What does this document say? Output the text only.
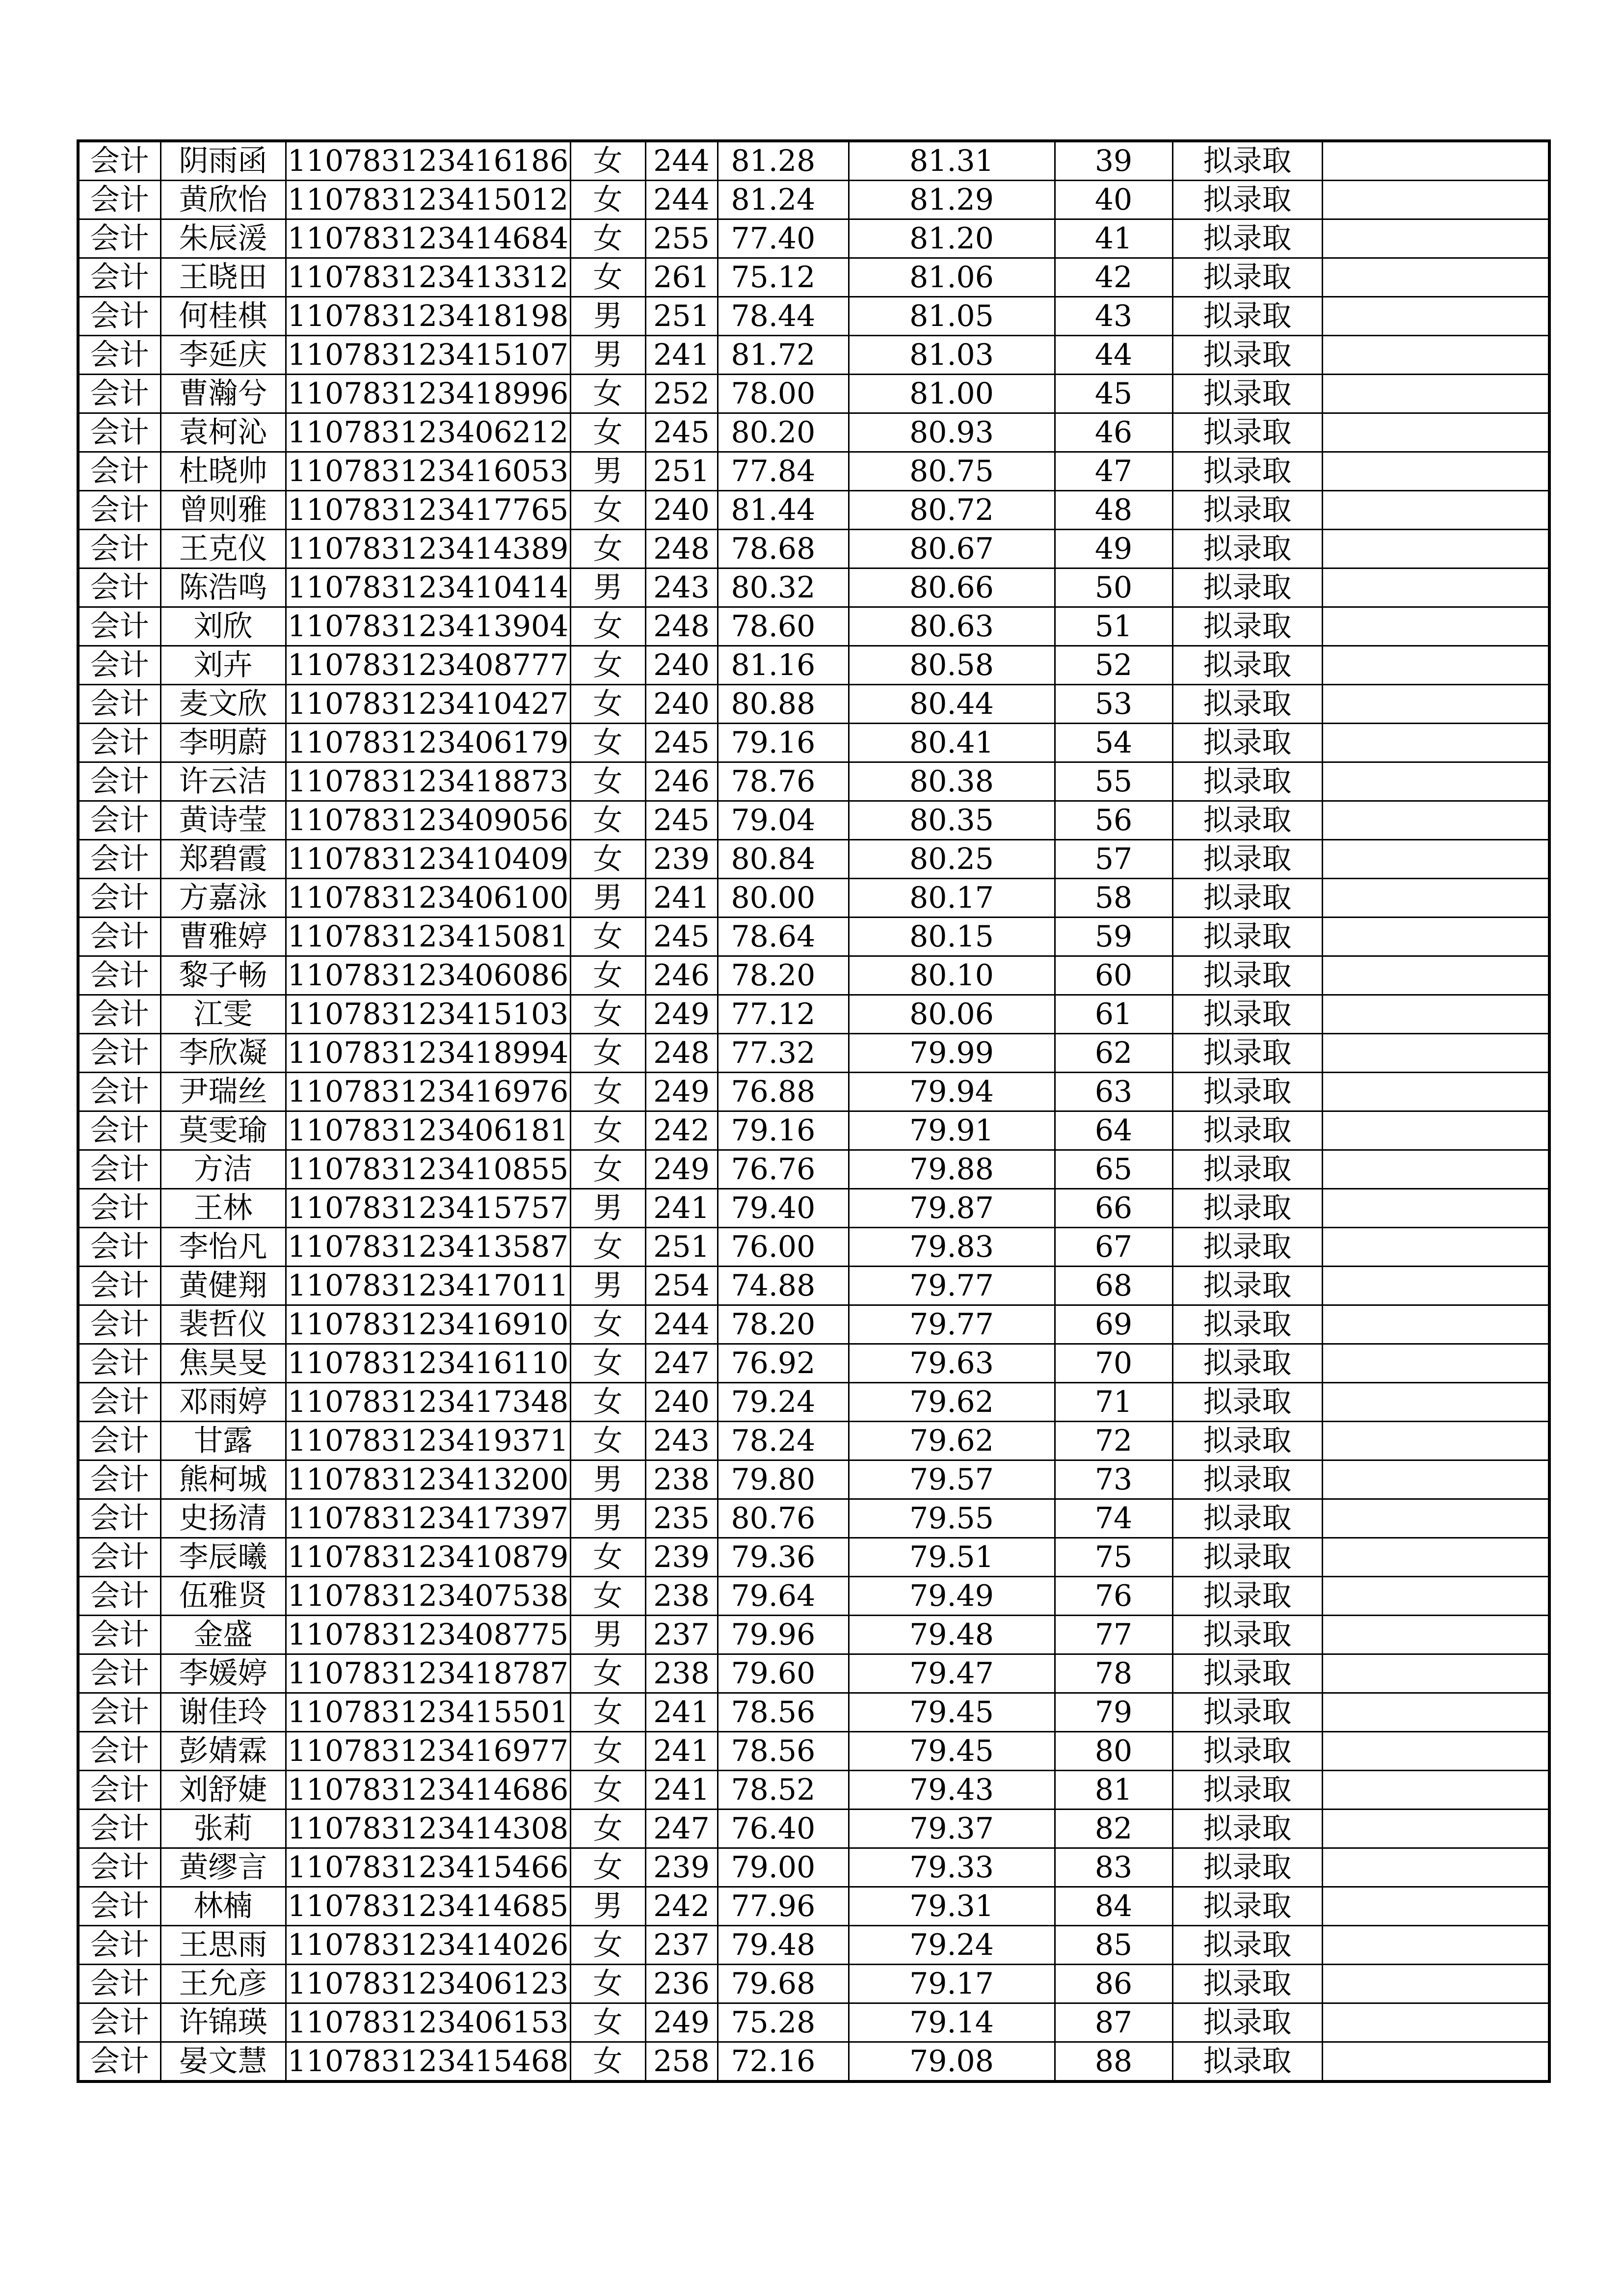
会计	阴雨函	110783123416186	女	244	81.28	81.31	39	拟录取	
会计	黄欣怡	110783123415012	女	244	81.24	81.29	40	拟录取	
会计	朱辰湲	110783123414684	女	255	77.40	81.20	41	拟录取	
会计	王晓田	110783123413312	女	261	75.12	81.06	42	拟录取	
会计	何桂棋	110783123418198	男	251	78.44	81.05	43	拟录取	
会计	李延庆	110783123415107	男	241	81.72	81.03	44	拟录取	
会计	曹瀚兮	110783123418996	女	252	78.00	81.00	45	拟录取	
会计	袁柯沁	110783123406212	女	245	80.20	80.93	46	拟录取	
会计	杜晓帅	110783123416053	男	251	77.84	80.75	47	拟录取	
会计	曾则雅	110783123417765	女	240	81.44	80.72	48	拟录取	
会计	王克仪	110783123414389	女	248	78.68	80.67	49	拟录取	
会计	陈浩鸣	110783123410414	男	243	80.32	80.66	50	拟录取	
会计	刘欣	110783123413904	女	248	78.60	80.63	51	拟录取	
会计	刘卉	110783123408777	女	240	81.16	80.58	52	拟录取	
会计	麦文欣	110783123410427	女	240	80.88	80.44	53	拟录取	
会计	李明蔚	110783123406179	女	245	79.16	80.41	54	拟录取	
会计	许云洁	110783123418873	女	246	78.76	80.38	55	拟录取	
会计	黄诗莹	110783123409056	女	245	79.04	80.35	56	拟录取	
会计	郑碧霞	110783123410409	女	239	80.84	80.25	57	拟录取	
会计	方嘉泳	110783123406100	男	241	80.00	80.17	58	拟录取	
会计	曹雅婷	110783123415081	女	245	78.64	80.15	59	拟录取	
会计	黎子畅	110783123406086	女	246	78.20	80.10	60	拟录取	
会计	江雯	110783123415103	女	249	77.12	80.06	61	拟录取	
会计	李欣凝	110783123418994	女	248	77.32	79.99	62	拟录取	
会计	尹瑞丝	110783123416976	女	249	76.88	79.94	63	拟录取	
会计	莫雯瑜	110783123406181	女	242	79.16	79.91	64	拟录取	
会计	方洁	110783123410855	女	249	76.76	79.88	65	拟录取	
会计	王林	110783123415757	男	241	79.40	79.87	66	拟录取	
会计	李怡凡	110783123413587	女	251	76.00	79.83	67	拟录取	
会计	黄健翔	110783123417011	男	254	74.88	79.77	68	拟录取	
会计	裴哲仪	110783123416910	女	244	78.20	79.77	69	拟录取	
会计	焦昊旻	110783123416110	女	247	76.92	79.63	70	拟录取	
会计	邓雨婷	110783123417348	女	240	79.24	79.62	71	拟录取	
会计	甘露	110783123419371	女	243	78.24	79.62	72	拟录取	
会计	熊柯城	110783123413200	男	238	79.80	79.57	73	拟录取	
会计	史扬清	110783123417397	男	235	80.76	79.55	74	拟录取	
会计	李辰曦	110783123410879	女	239	79.36	79.51	75	拟录取	
会计	伍雅贤	110783123407538	女	238	79.64	79.49	76	拟录取	
会计	金盛	110783123408775	男	237	79.96	79.48	77	拟录取	
会计	李媛婷	110783123418787	女	238	79.60	79.47	78	拟录取	
会计	谢佳玲	110783123415501	女	241	78.56	79.45	79	拟录取	
会计	彭婧霖	110783123416977	女	241	78.56	79.45	80	拟录取	
会计	刘舒婕	110783123414686	女	241	78.52	79.43	81	拟录取	
会计	张莉	110783123414308	女	247	76.40	79.37	82	拟录取	
会计	黄缪言	110783123415466	女	239	79.00	79.33	83	拟录取	
会计	林楠	110783123414685	男	242	77.96	79.31	84	拟录取	
会计	王思雨	110783123414026	女	237	79.48	79.24	85	拟录取	
会计	王允彦	110783123406123	女	236	79.68	79.17	86	拟录取	
会计	许锦瑛	110783123406153	女	249	75.28	79.14	87	拟录取	
会计	晏文慧	110783123415468	女	258	72.16	79.08	88	拟录取	
